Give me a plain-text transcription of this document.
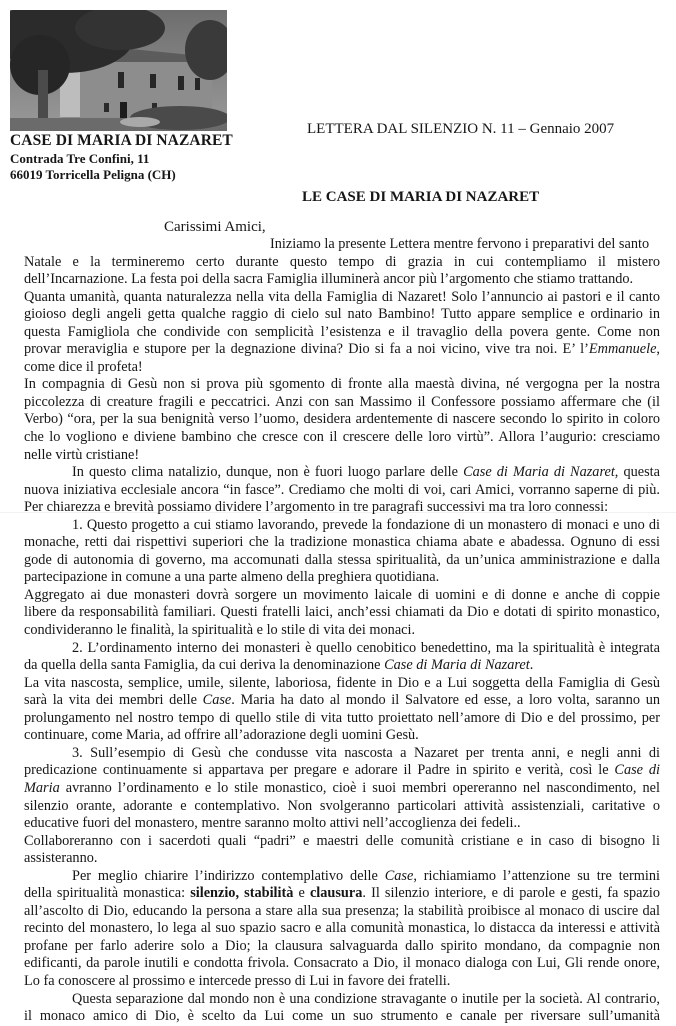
CASE DI MARIA DI NAZARET
Contrada Tre Confini, 11
66019 Torricella Peligna (CH)
LETTERA DAL SILENZIO N. 11 – Gennaio 2007
LE CASE DI MARIA DI NAZARET
Carissimi Amici,
Iniziamo la presente Lettera mentre fervono i preparativi del santo
Natale e la termineremo certo durante questo tempo di grazia in cui contempliamo il mistero
dell’Incarnazione. La festa poi della sacra Famiglia illuminerà ancor più l’argomento che stiamo trattando.
Quanta umanità, quanta naturalezza nella vita della Famiglia di Nazaret! Solo l’annuncio ai pastori e il canto
gioioso degli angeli getta qualche raggio di cielo sul nato Bambino! Tutto appare semplice e ordinario in
questa Famigliola che condivide con semplicità l’esistenza e il travaglio della povera gente. Come non
provar meraviglia e stupore per la degnazione divina? Dio si fa a noi vicino, vive tra noi. E’ l’Emmanuele,
come dice il profeta!
In compagnia di Gesù non si prova più sgomento di fronte alla maestà divina, né vergogna per la nostra
piccolezza di creature fragili e peccatrici. Anzi con san Massimo il Confessore possiamo affermare che (il
Verbo) “ora, per la sua benignità verso l’uomo, desidera ardentemente di nascere secondo lo spirito in coloro
che lo vogliono e diviene bambino che cresce con il crescere delle loro virtù”. Allora l’augurio: cresciamo
nelle virtù cristiane!
In questo clima natalizio, dunque, non è fuori luogo parlare delle Case di Maria di Nazaret, questa
nuova iniziativa ecclesiale ancora “in fasce”. Crediamo che molti di voi, cari Amici, vorranno saperne di più.
Per chiarezza e brevità possiamo dividere l’argomento in tre paragrafi successivi ma tra loro connessi:
1. Questo progetto a cui stiamo lavorando, prevede la fondazione di un monastero di monaci e uno di
monache, retti dai rispettivi superiori che la tradizione monastica chiama abate e abadessa. Ognuno di essi
gode di autonomia di governo, ma accomunati dalla stessa spiritualità, da un’unica amministrazione e dalla
partecipazione in comune a una parte almeno della preghiera quotidiana.
Aggregato ai due monasteri dovrà sorgere un movimento laicale di uomini e di donne e anche di coppie
libere da responsabilità familiari. Questi fratelli laici, anch’essi chiamati da Dio e dotati di spirito monastico,
condivideranno le finalità, la spiritualità e lo stile di vita dei monaci.
2. L’ordinamento interno dei monasteri è quello cenobitico benedettino, ma la spiritualità è integrata
da quella della santa Famiglia, da cui deriva la denominazione Case di Maria di Nazaret.
La vita nascosta, semplice, umile, silente, laboriosa, fidente in Dio e a Lui soggetta della Famiglia di Gesù
sarà la vita dei membri delle Case. Maria ha dato al mondo il Salvatore ed esse, a loro volta, saranno un
prolungamento nel nostro tempo di quello stile di vita tutto proiettato nell’amore di Dio e del prossimo, per
continuare, come Maria, ad offrire all’adorazione degli uomini Gesù.
3. Sull’esempio di Gesù che condusse vita nascosta a Nazaret per trenta anni, e negli anni di
predicazione continuamente si appartava per pregare e adorare il Padre in spirito e verità, così le Case di
Maria avranno l’ordinamento e lo stile monastico, cioè i suoi membri opereranno nel nascondimento, nel
silenzio orante, adorante e contemplativo. Non svolgeranno particolari attività assistenziali, caritative o
educative fuori del monastero, mentre saranno molto attivi nell’accoglienza dei fedeli..
Collaboreranno con i sacerdoti quali “padri” e maestri delle comunità cristiane e in caso di bisogno li
assisteranno.
Per meglio chiarire l’indirizzo contemplativo delle Case, richiamiamo l’attenzione su tre termini
della spiritualità monastica: silenzio, stabilità e clausura. Il silenzio interiore, e di parole e gesti, fa spazio
all’ascolto di Dio, educando la persona a stare alla sua presenza; la stabilità proibisce al monaco di uscire dal
recinto del monastero, lo lega al suo spazio sacro e alla comunità monastica, lo distacca da interessi e attività
profane per farlo aderire solo a Dio; la clausura salvaguarda dallo spirito mondano, da compagnie non
edificanti, da parole inutili e condotta frivola. Consacrato a Dio, il monaco dialoga con Lui, Gli rende onore,
Lo fa conoscere al prossimo e intercede presso di Lui in favore dei fratelli.
Questa separazione dal mondo non è una condizione stravagante o inutile per la società. Al contrario,
il monaco amico di Dio, è scelto da Lui come un suo strumento e canale per riversare sull’umanità
